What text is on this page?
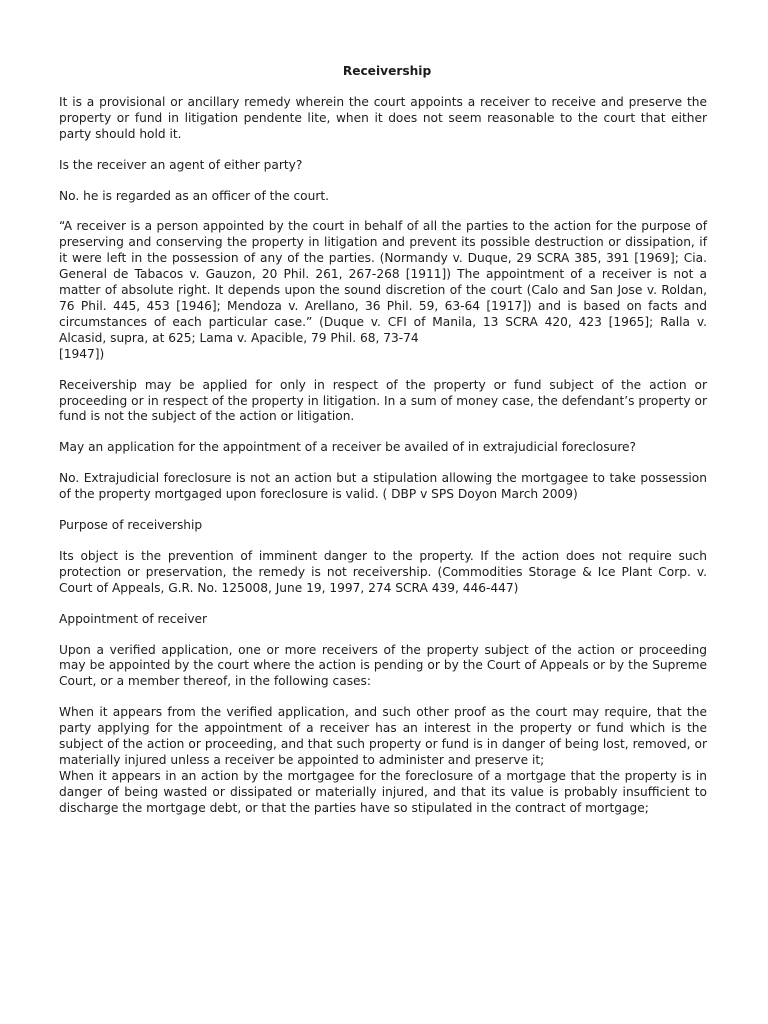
Receivership

It is a provisional or ancillary remedy wherein the court appoints a receiver to receive and preserve the property or fund in litigation pendente lite, when it does not seem reasonable to the court that either party should hold it.

Is the receiver an agent of either party?

No. he is regarded as an officer of the court.

“A receiver is a person appointed by the court in behalf of all the parties to the action for the purpose of preserving and conserving the property in litigation and prevent its possible destruction or dissipation, if it were left in the possession of any of the parties. (Normandy v. Duque, 29 SCRA 385, 391 [1969]; Cia. General de Tabacos v. Gauzon, 20 Phil. 261, 267-268 [1911]) The appointment of a receiver is not a matter of absolute right. It depends upon the sound discretion of the court (Calo and San Jose v. Roldan, 76 Phil. 445, 453 [1946]; Mendoza v. Arellano, 36 Phil. 59, 63-64 [1917]) and is based on facts and circumstances of each particular case.” (Duque v. CFI of Manila, 13 SCRA 420, 423 [1965]; Ralla v. Alcasid, supra, at 625; Lama v. Apacible, 79 Phil. 68, 73-74

[1947])

Receivership may be applied for only in respect of the property or fund subject of the action or proceeding or in respect of the property in litigation. In a sum of money case, the defendant’s property or fund is not the subject of the action or litigation.

May an application for the appointment of a receiver be availed of in extrajudicial foreclosure?

No. Extrajudicial foreclosure is not an action but a stipulation allowing the mortgagee to take possession of the property mortgaged upon foreclosure is valid. ( DBP v SPS Doyon March 2009)

Purpose of receivership

Its object is the prevention of imminent danger to the property. If the action does not require such protection or preservation, the remedy is not receivership. (Commodities Storage & Ice Plant Corp. v. Court of Appeals, G.R. No. 125008, June 19, 1997, 274 SCRA 439, 446-447)

Appointment of receiver

Upon a verified application, one or more receivers of the property subject of the action or proceeding may be appointed by the court where the action is pending or by the Court of Appeals or by the Supreme Court, or a member thereof, in the following cases:

When it appears from the verified application, and such other proof as the court may require, that the party applying for the appointment of a receiver has an interest in the property or fund which is the subject of the action or proceeding, and that such property or fund is in danger of being lost, removed, or materially injured unless a receiver be appointed to administer and preserve it;

When it appears in an action by the mortgagee for the foreclosure of a mortgage that the property is in danger of being wasted or dissipated or materially injured, and that its value is probably insufficient to discharge the mortgage debt, or that the parties have so stipulated in the contract of mortgage;
